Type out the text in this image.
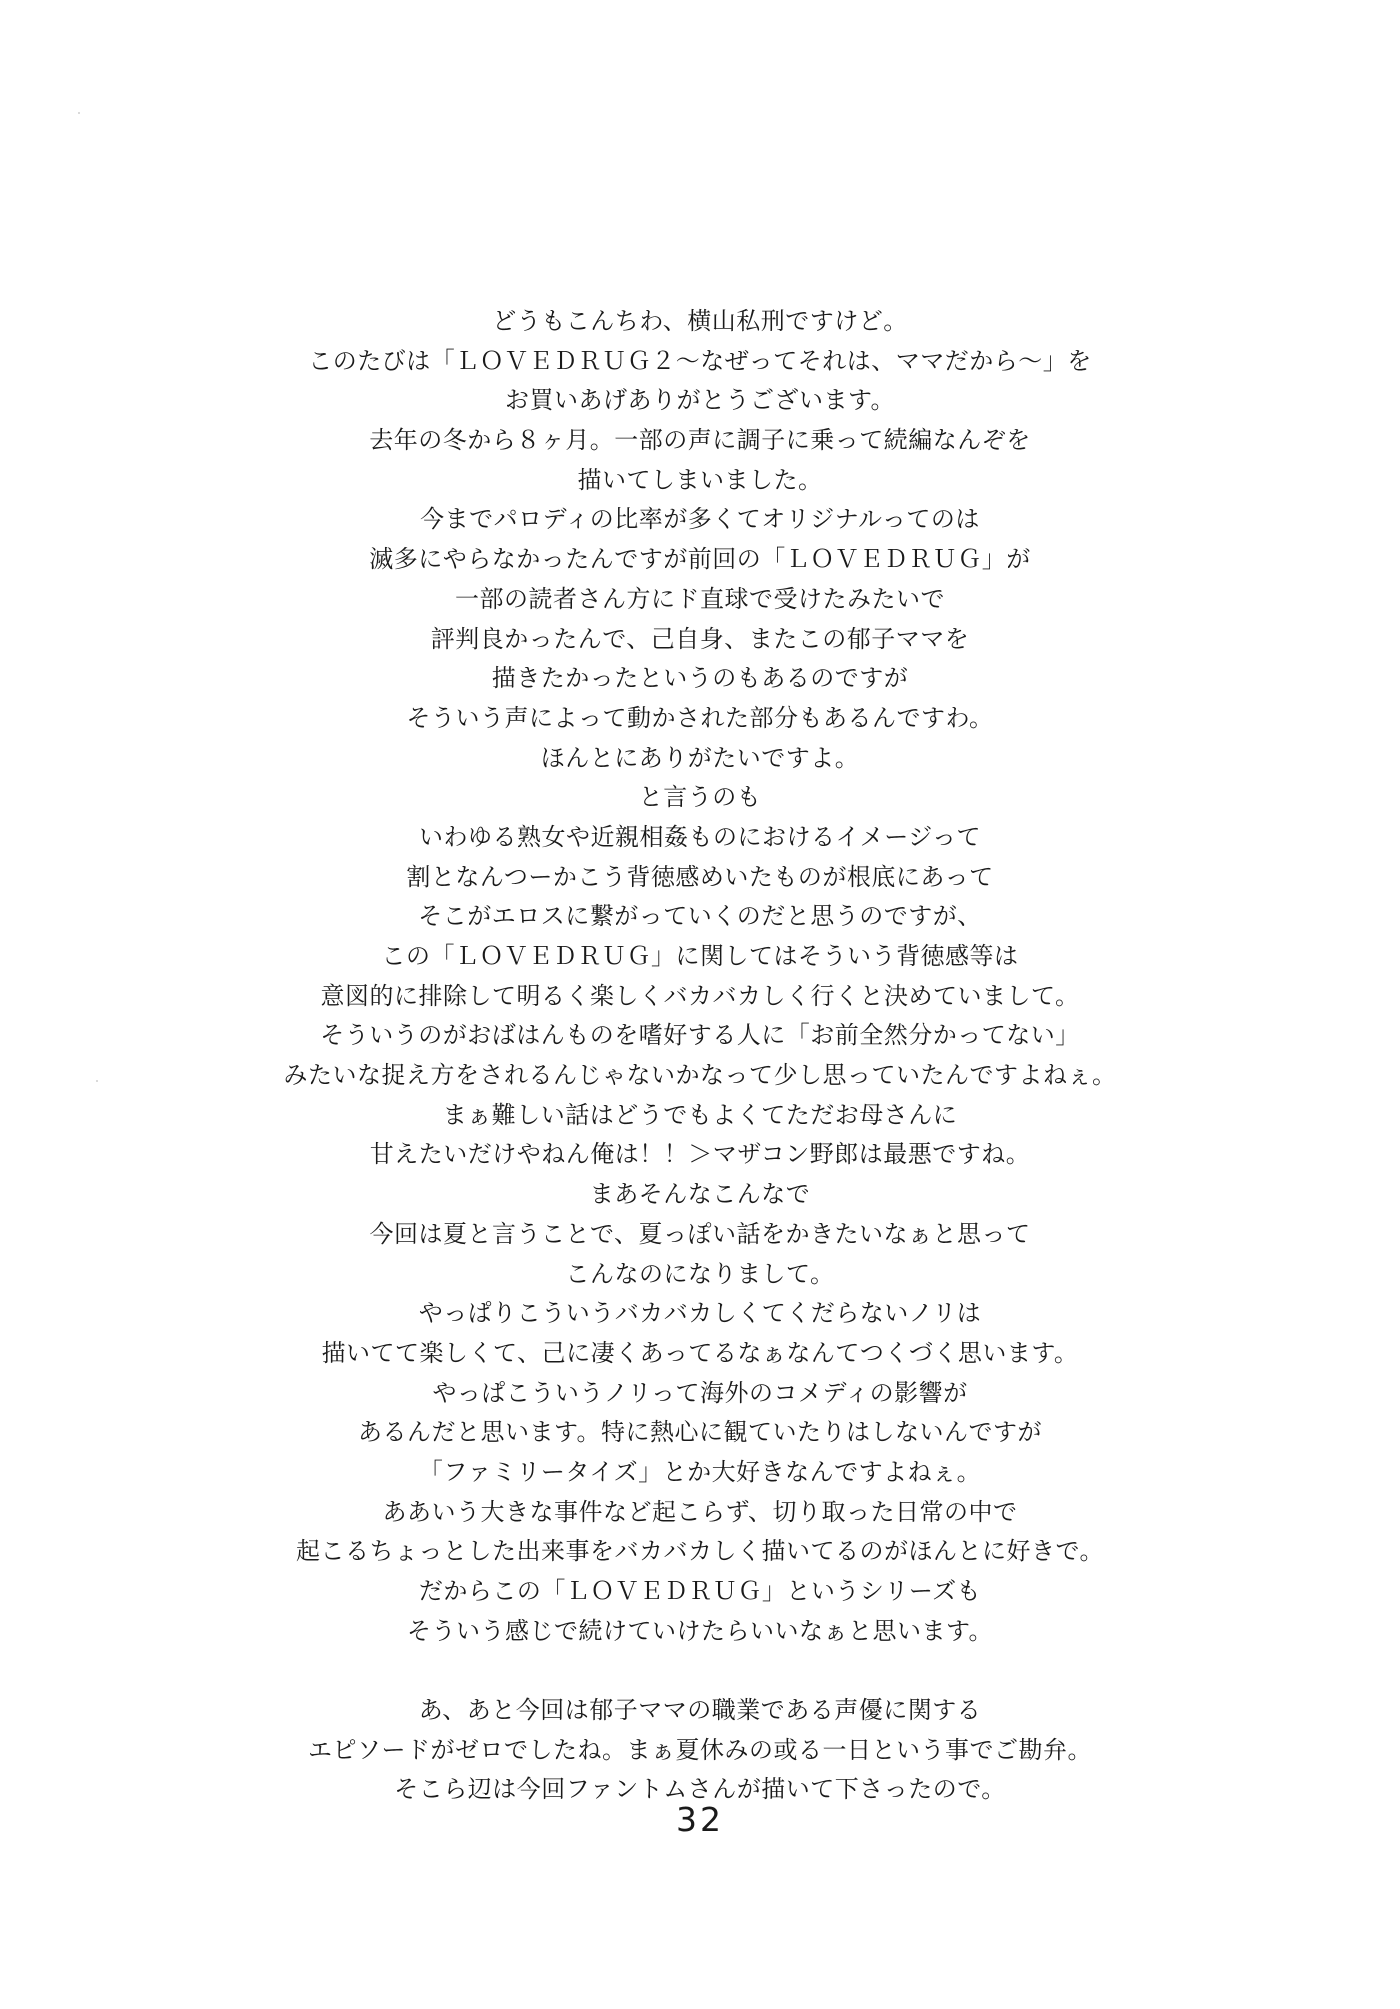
どうもこんちわ、横山私刑ですけど。
このたびは「ＬＯＶＥＤＲＵＧ２～なぜってそれは、ママだから～」を
お買いあげありがとうございます。
去年の冬から８ヶ月。一部の声に調子に乗って続編なんぞを
描いてしまいました。
今までパロディの比率が多くてオリジナルってのは
滅多にやらなかったんですが前回の「ＬＯＶＥＤＲＵＧ」が
一部の読者さん方にド直球で受けたみたいで
評判良かったんで、己自身、またこの郁子ママを
描きたかったというのもあるのですが
そういう声によって動かされた部分もあるんですわ。
ほんとにありがたいですよ。
と言うのも
いわゆる熟女や近親相姦ものにおけるイメージって
割となんつーかこう背徳感めいたものが根底にあって
そこがエロスに繋がっていくのだと思うのですが、
この「ＬＯＶＥＤＲＵＧ」に関してはそういう背徳感等は
意図的に排除して明るく楽しくバカバカしく行くと決めていまして。
そういうのがおばはんものを嗜好する人に「お前全然分かってない」
みたいな捉え方をされるんじゃないかなって少し思っていたんですよねぇ。
まぁ難しい話はどうでもよくてただお母さんに
甘えたいだけやねん俺は！！＞マザコン野郎は最悪ですね。
まあそんなこんなで
今回は夏と言うことで、夏っぽい話をかきたいなぁと思って
こんなのになりまして。
やっぱりこういうバカバカしくてくだらないノリは
描いてて楽しくて、己に凄くあってるなぁなんてつくづく思います。
やっぱこういうノリって海外のコメディの影響が
あるんだと思います。特に熱心に観ていたりはしないんですが
「ファミリータイズ」とか大好きなんですよねぇ。
ああいう大きな事件など起こらず、切り取った日常の中で
起こるちょっとした出来事をバカバカしく描いてるのがほんとに好きで。
だからこの「ＬＯＶＥＤＲＵＧ」というシリーズも
そういう感じで続けていけたらいいなぁと思います。
あ、あと今回は郁子ママの職業である声優に関する
エピソードがゼロでしたね。まぁ夏休みの或る一日という事でご勘弁。
そこら辺は今回ファントムさんが描いて下さったので。
32
